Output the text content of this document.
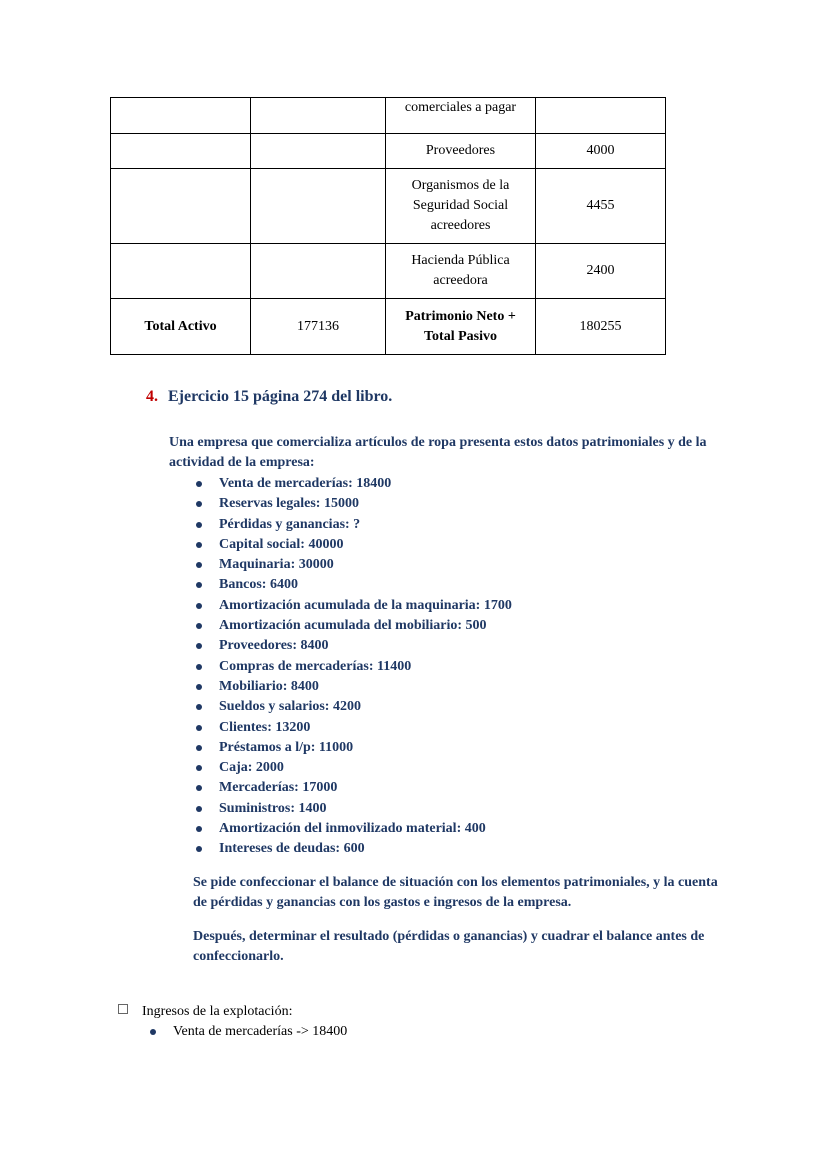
		comerciales a pagar	
		Proveedores	4000
		Organismos de la Seguridad Social acreedores	4455
		Hacienda Pública acreedora	2400
Total Activo	177136	Patrimonio Neto + Total Pasivo	180255
4. Ejercicio 15 página 274 del libro.
Una empresa que comercializa artículos de ropa presenta estos datos patrimoniales y de la actividad de la empresa:
Venta de mercaderías: 18400
Reservas legales: 15000
Pérdidas y ganancias: ?
Capital social: 40000
Maquinaria: 30000
Bancos: 6400
Amortización acumulada de la maquinaria: 1700
Amortización acumulada del mobiliario: 500
Proveedores: 8400
Compras de mercaderías: 11400
Mobiliario: 8400
Sueldos y salarios: 4200
Clientes: 13200
Préstamos a l/p: 11000
Caja: 2000
Mercaderías: 17000
Suministros: 1400
Amortización del inmovilizado material: 400
Intereses de deudas: 600
Se pide confeccionar el balance de situación con los elementos patrimoniales, y la cuenta de pérdidas y ganancias con los gastos e ingresos de la empresa.
Después, determinar el resultado (pérdidas o ganancias) y cuadrar el balance antes de confeccionarlo.
Ingresos de la explotación:
Venta de mercaderías -> 18400
